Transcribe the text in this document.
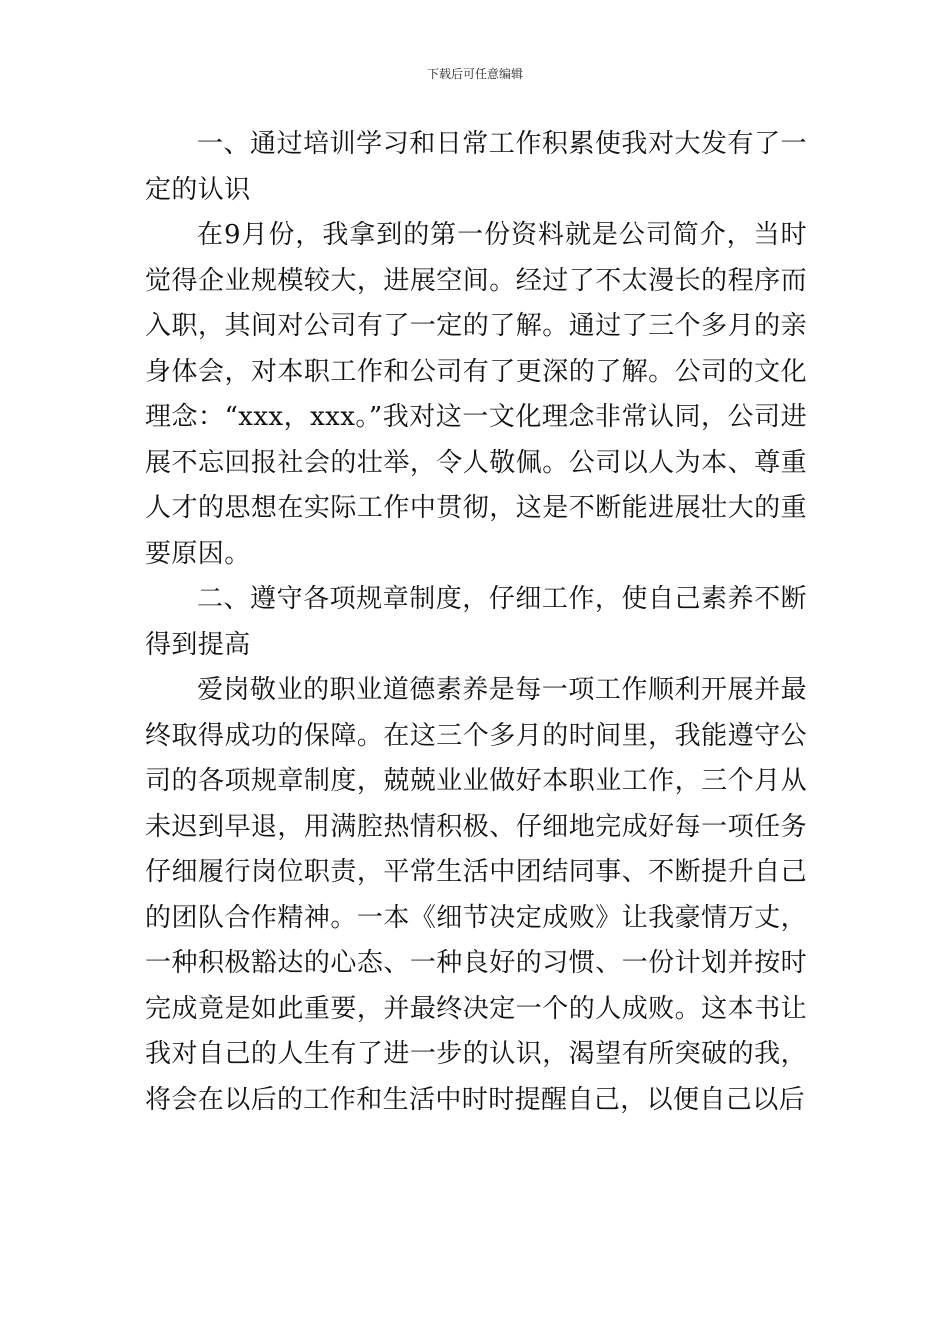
下载后可任意编辑

一、通过培训学习和日常工作积累使我对大发有了一定的认识

在9月份，我拿到的第一份资料就是公司简介，当时觉得企业规模较大，进展空间。经过了不太漫长的程序而入职，其间对公司有了一定的了解。通过了三个多月的亲身体会，对本职工作和公司有了更深的了解。公司的文化理念：“xxx，xxx。”我对这一文化理念非常认同，公司进展不忘回报社会的壮举，令人敬佩。公司以人为本、尊重人才的思想在实际工作中贯彻，这是不断能进展壮大的重要原因。

二、遵守各项规章制度，仔细工作，使自己素养不断得到提高

爱岗敬业的职业道德素养是每一项工作顺利开展并最终取得成功的保障。在这三个多月的时间里，我能遵守公司的各项规章制度，兢兢业业做好本职业工作，三个月从未迟到早退，用满腔热情积极、仔细地完成好每一项任务仔细履行岗位职责，平常生活中团结同事、不断提升自己的团队合作精神。一本《细节决定成败》让我豪情万丈，一种积极豁达的心态、一种良好的习惯、一份计划并按时完成竟是如此重要，并最终决定一个的人成败。这本书让我对自己的人生有了进一步的认识，渴望有所突破的我，将会在以后的工作和生活中时时提醒自己，以便自己以后
